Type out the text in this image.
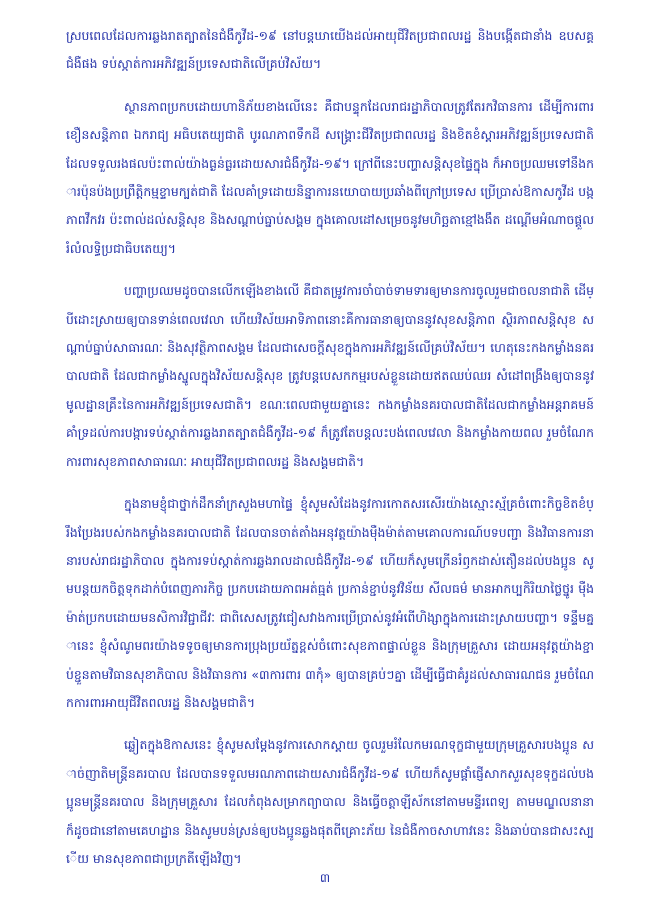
ស្របពេលដែលការឆ្លងរាតត្បាតនៃជំងឺកូវីដ-១៩ នៅបន្តឃាយើងដល់អាយុជីវិតប្រជាពលរដ្ឋ និងបង្កើតជានាំង ឧបសគ្គជំងឺផង ទប់ស្កាត់ការអភិវឌ្ឍន៍ប្រទេសជាតិលើគ្រប់វិស័យ។

ស្ថានភាពប្រកបដោយហានិភ័យខាងលើនេះ គឺជាបន្ទុកដែលរាជរដ្ឋាភិបាលត្រូវតែរកវិធានការ ដើម្បីការពារខឿនសន្តិភាព ឯករាជ្យ អធិបតេយ្យជាតិ បូរណភាពទឹកដី សង្គ្រោះជីវិតប្រជាពលរដ្ឋ និងខិតខំស្តារអភិវឌ្ឍន៍ប្រទេសជាតិ ដែលទទួលរងផលប៉ះពាល់យ៉ាងធ្ងន់ធ្ងរដោយសារជំងឺកូវីដ-១៩។ ក្រៅពីនេះបញ្ហាសន្តិសុខផ្ទៃក្នុង ក៏អាចប្រឈមទៅនឹងការប៉ុនប៉ងប្រព្រឹត្តិកម្មខ្ទាមក្បត់ជាតិ ដែលគាំទ្រដោយនិន្នាការនយោបាយប្រឆាំងពីក្រៅប្រទេស ប្រើប្រាស់ឱកាសកូវីដ បង្កភាពវឹកវរ ប៉ះពាល់ដល់សន្តិសុខ និងសណ្តាប់ធ្នាប់សង្គម ក្នុងគោលដៅសម្រេចនូវមហិច្ឆតាខ្មៅងងឹត ដណ្តើមអំណាចផ្តួលរំលំលទ្ធិប្រជាធិបតេយ្យ។

បញ្ហាប្រឈមដូចបានលើកឡើងខាងលើ គឺជាតម្រូវការចាំបាច់ទាមទារឲ្យមានការចូលរួមជាចលនាជាតិ ដើម្បីដោះស្រាយឲ្យបានទាន់ពេលវេលា ហើយវិស័យអាទិភាពនោះគឺការធានាឲ្យបាននូវសុខសន្តិភាព ស្ថិរភាពសន្តិសុខ សណ្តាប់ធ្នាប់សាធារណៈ និងសុវត្ថិភាពសង្គម ដែលជាសេចក្តីសុខក្នុងការអភិវឌ្ឍន៍លើគ្រប់វិស័យ។ ហេតុនេះកងកម្លាំងនគរបាលជាតិ ដែលជាកម្លាំងស្នូលក្នុងវិស័យសន្តិសុខ ត្រូវបន្តបេសកកម្មរបស់ខ្លួនដោយឥតឈប់ឈរ សំដៅពង្រឹងឲ្យបាននូវមូលដ្ឋានគ្រឹះនៃការអភិវឌ្ឍន៍ប្រទេសជាតិ។ ខណៈពេលជាមួយគ្នានេះ កងកម្លាំងនគរបាលជាតិដែលជាកម្លាំងអន្តរាគមន៍ គាំទ្រដល់ការបង្ការទប់ស្កាត់ការឆ្លងរាតត្បាតជំងឺកូវីដ-១៩ ក៏ត្រូវតែបន្តលះបង់ពេលវេលា និងកម្លាំងកាយពល រួមចំណែកការពារសុខភាពសាធារណៈ អាយុជីវិតប្រជាពលរដ្ឋ និងសង្គមជាតិ។

ក្នុងនាមខ្ញុំជាថ្នាក់ដឹកនាំក្រសួងមហាផ្ទៃ ខ្ញុំសូមសំដែងនូវការកោតសរសើរយ៉ាងស្មោះស្ម័គ្រចំពោះកិច្ចខិតខំប្រឹងប្រែងរបស់កងកម្លាំងនគរបាលជាតិ ដែលបានចាត់តាំងអនុវត្តយ៉ាងម៉ឺងម៉ាត់តាមគោលការណ៍បទបញ្ជា និងវិធានការនានារបស់រាជរដ្ឋាភិបាល ក្នុងការទប់ស្កាត់ការឆ្លងរាលដាលជំងឺកូវីដ-១៩ ហើយក៏សូមក្រើនរំឭកដាស់តឿនដល់បងប្អូន សូមបន្តយកចិត្តទុកដាក់បំពេញភារកិច្ច ប្រកបដោយភាពអត់ធ្មត់ ប្រកាន់ខ្ជាប់នូវវិន័យ សីលធម៌ មានអាកប្បកិរិយាថ្លៃថ្នូរ ម៉ឺងម៉ាត់ប្រកបដោយមនសិការវិជ្ជាជីវៈ ជាពិសេសត្រូវជៀសវាងការប្រើប្រាស់នូវអំពើហិង្សាក្នុងការដោះស្រាយបញ្ហា។ ទន្ទឹមគ្នានេះ ខ្ញុំសំណូមពរយ៉ាងទទូចឲ្យមានការប្រុងប្រយ័ត្នខ្ពស់ចំពោះសុខភាពផ្ទាល់ខ្លួន និងក្រុមគ្រួសារ ដោយអនុវត្តយ៉ាងខ្ជាប់ខ្ជួនតាមវិធានសុខាភិបាល និងវិធានការ «៣ការពារ ៣កុំ» ឲ្យបានគ្រប់ៗគ្នា ដើម្បីធ្វើជាគំរូដល់សាធារណជន រួមចំណែកការពារអាយុជីវិតពលរដ្ឋ និងសង្គមជាតិ។

ឆ្លៀតក្នុងឱកាសនេះ ខ្ញុំសូមសម្តែងនូវការសោកស្តាយ ចូលរួមរំលែកមរណទុក្ខជាមួយក្រុមគ្រួសារបងប្អូន សាច់ញាតិមន្ត្រីនគរបាល ដែលបានទទួលមរណភាពដោយសារជំងឺកូវីដ-១៩ ហើយក៏សូមផ្តាំផ្ញើសាកសួរសុខទុក្ខដល់បងប្អូនមន្ត្រីនគរបាល និងក្រុមគ្រួសារ ដែលកំពុងសម្រាកព្យាបាល និងធ្វើចត្តាឡីស័កនៅតាមមន្ទីរពេទ្យ តាមមណ្ឌលនានា ក៏ដូចជានៅតាមគេហដ្ឋាន និងសូមបន់ស្រន់ឲ្យបងប្អូនឆ្លងផុតពីគ្រោះភ័យ នៃជំងឺកាចសាហាវនេះ និងឆាប់បានជាសះស្បើយ មានសុខភាពជាប្រក្រតីឡើងវិញ។

៣
